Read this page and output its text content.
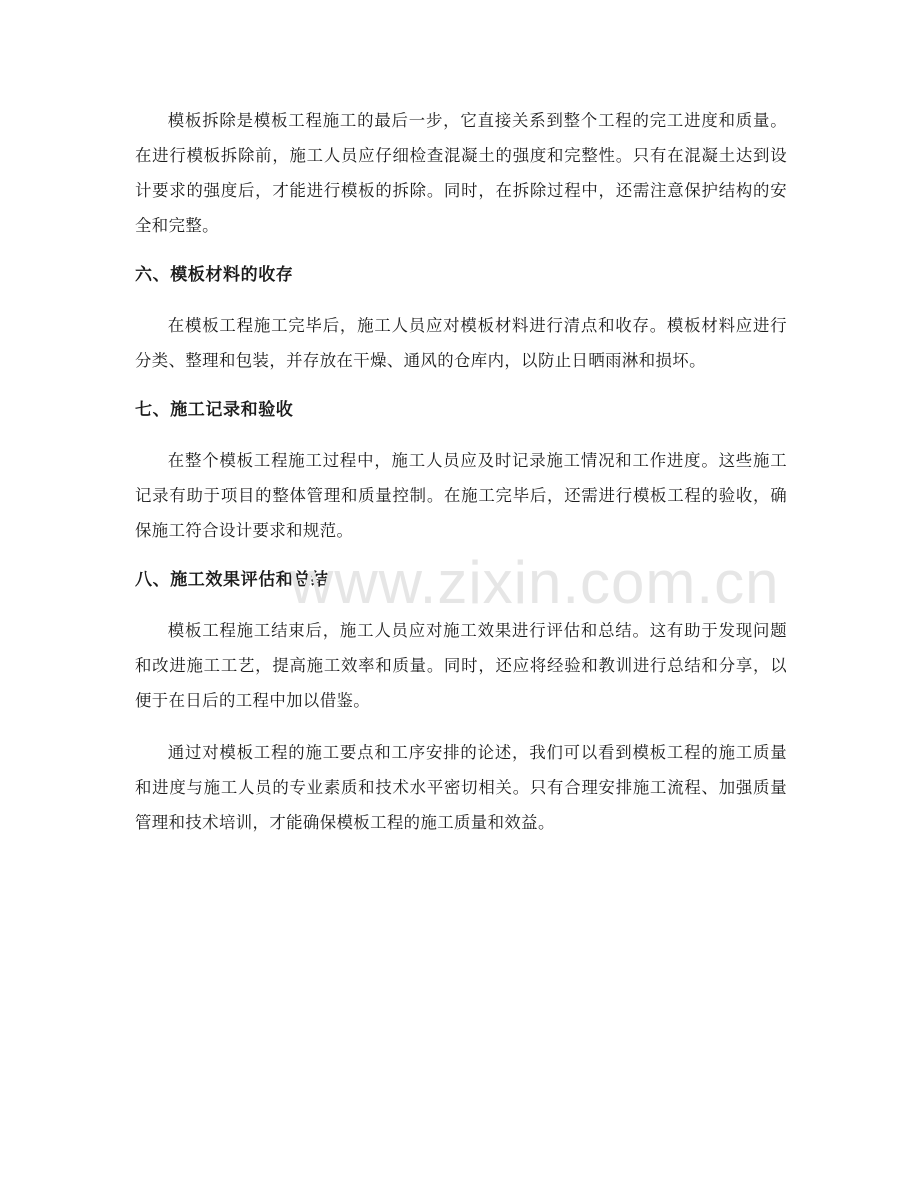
模板拆除是模板工程施工的最后一步，它直接关系到整个工程的完工进度和质量。在进行模板拆除前，施工人员应仔细检查混凝土的强度和完整性。只有在混凝土达到设计要求的强度后，才能进行模板的拆除。同时，在拆除过程中，还需注意保护结构的安全和完整。

六、模板材料的收存

在模板工程施工完毕后，施工人员应对模板材料进行清点和收存。模板材料应进行分类、整理和包装，并存放在干燥、通风的仓库内，以防止日晒雨淋和损坏。

七、施工记录和验收

在整个模板工程施工过程中，施工人员应及时记录施工情况和工作进度。这些施工记录有助于项目的整体管理和质量控制。在施工完毕后，还需进行模板工程的验收，确保施工符合设计要求和规范。

八、施工效果评估和总结

模板工程施工结束后，施工人员应对施工效果进行评估和总结。这有助于发现问题和改进施工工艺，提高施工效率和质量。同时，还应将经验和教训进行总结和分享，以便于在日后的工程中加以借鉴。

通过对模板工程的施工要点和工序安排的论述，我们可以看到模板工程的施工质量和进度与施工人员的专业素质和技术水平密切相关。只有合理安排施工流程、加强质量管理和技术培训，才能确保模板工程的施工质量和效益。

www.zixin.com.cn
